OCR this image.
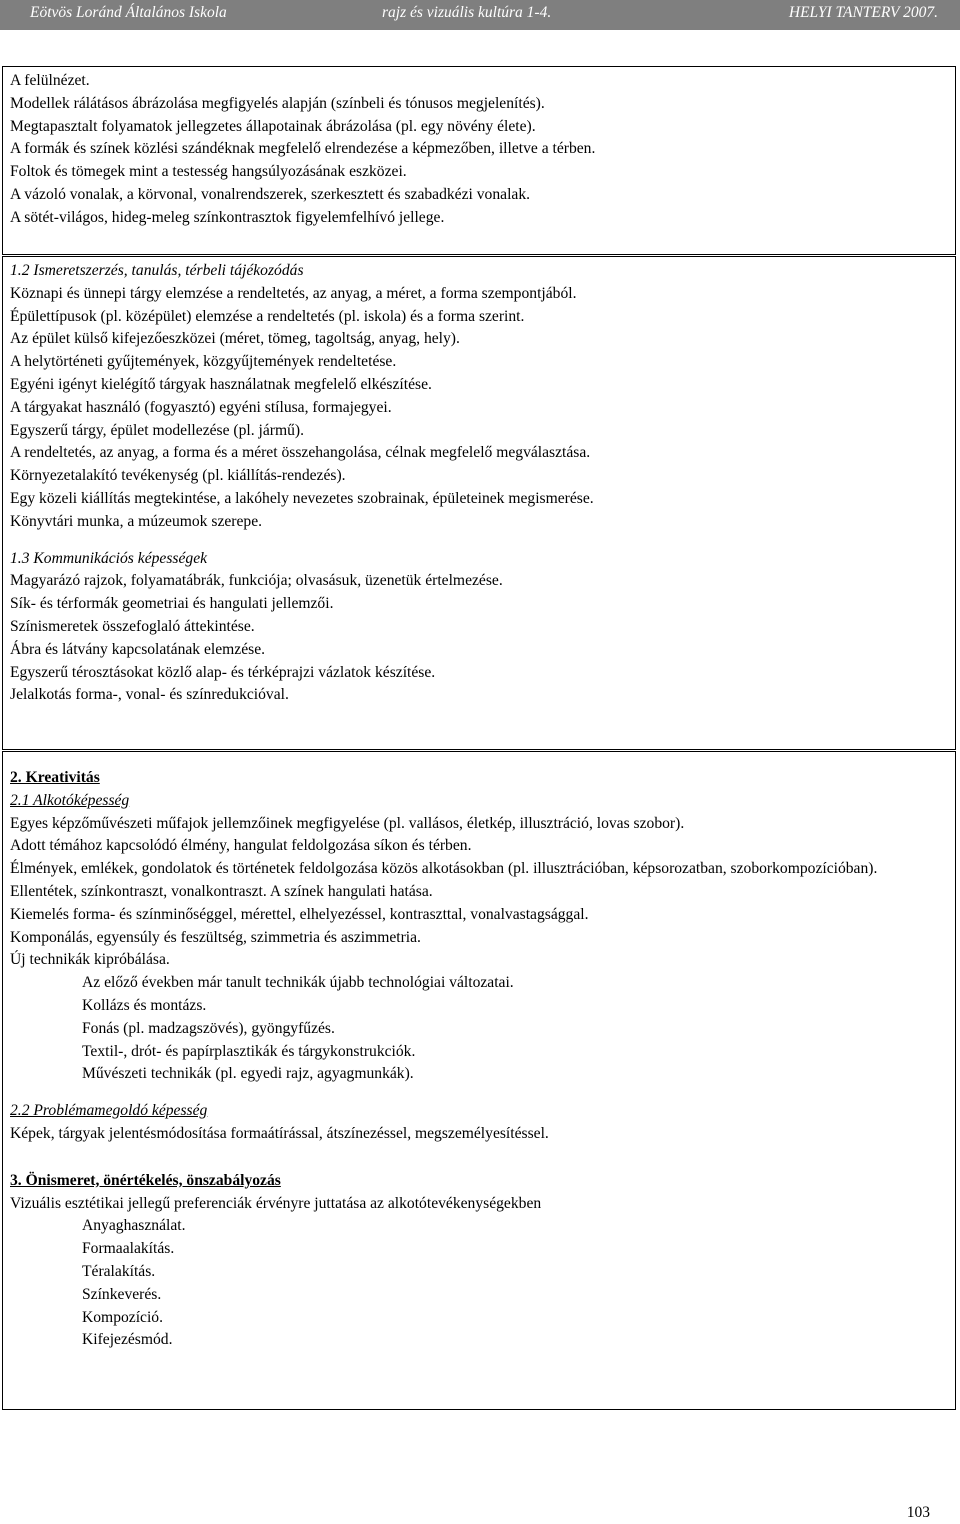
Eötvös Loránd Általános Iskola	rajz és vizuális kultúra 1-4.	HELYI TANTERV 2007.
A felülnézet.
Modellek rálátásos ábrázolása megfigyelés alapján (színbeli és tónusos megjelenítés).
Megtapasztalt folyamatok jellegzetes állapotainak ábrázolása (pl. egy növény élete).
A formák és színek közlési szándéknak megfelelő elrendezése a képmezőben, illetve a térben.
Foltok és tömegek mint a testesség hangsúlyozásának eszközei.
A vázoló vonalak, a körvonal, vonalrendszerek, szerkesztett és szabadkézi vonalak.
A sötét-világos, hideg-meleg színkontrasztok figyelemfelhívó jellege.
1.2 Ismeretszerzés, tanulás, térbeli tájékozódás
Köznapi és ünnepi tárgy elemzése a rendeltetés, az anyag, a méret, a forma szempontjából.
Épülettípusok (pl. középület) elemzése a rendeltetés (pl. iskola) és a forma szerint.
Az épület külső kifejezőeszközei (méret, tömeg, tagoltság, anyag, hely).
A helytörténeti gyűjtemények, közgyűjtemények rendeltetése.
Egyéni igényt kielégítő tárgyak használatnak megfelelő elkészítése.
A tárgyakat használó (fogyasztó) egyéni stílusa, formajegyei.
Egyszerű tárgy, épület modellezése (pl. jármű).
A rendeltetés, az anyag, a forma és a méret összehangolása, célnak megfelelő megválasztása.
Környezetalakító tevékenység (pl. kiállítás-rendezés).
Egy közeli kiállítás megtekintése, a lakóhely nevezetes szobrainak, épületeinek megismerése.
Könyvtári munka, a múzeumok szerepe.
1.3 Kommunikációs képességek
Magyarázó rajzok, folyamatábrák, funkciója; olvasásuk, üzenetük értelmezése.
Sík- és térformák geometriai és hangulati jellemzői.
Színismeretek összefoglaló áttekintése.
Ábra és látvány kapcsolatának elemzése.
Egyszerű térosztásokat közlő alap- és térképrajzi vázlatok készítése.
Jelalkotás forma-, vonal- és színredukcióval.
2. Kreativitás
2.1 Alkotóképesség
Egyes képzőművészeti műfajok jellemzőinek megfigyelése (pl. vallásos, életkép, illusztráció, lovas szobor).
Adott témához kapcsolódó élmény, hangulat feldolgozása síkon és térben.
Élmények, emlékek, gondolatok és történetek feldolgozása közös alkotásokban (pl. illusztrációban, képsorozatban, szoborkompozícióban).
Ellentétek, színkontraszt, vonalkontraszt. A színek hangulati hatása.
Kiemelés forma- és színminőséggel, mérettel, elhelyezéssel, kontraszttal, vonalvastagsággal.
Komponálás, egyensúly és feszültség, szimmetria és aszimmetria.
Új technikák kipróbálása.
Az előző években már tanult technikák újabb technológiai változatai.
Kollázs és montázs.
Fonás (pl. madzagszövés), gyöngyfűzés.
Textil-, drót- és papírplasztikák és tárgykonstrukciók.
Művészeti technikák (pl. egyedi rajz, agyagmunkák).
2.2 Problémamegoldó képesség
Képek, tárgyak jelentésmódosítása formaátírással, átszínezéssel, megszemélyesítéssel.
3. Önismeret, önértékelés, önszabályozás
Vizuális esztétikai jellegű preferenciák érvényre juttatása az alkotótevékenységekben
Anyaghasználat.
Formaalakítás.
Téralakítás.
Színkeverés.
Kompozíció.
Kifejezésmód.
103
